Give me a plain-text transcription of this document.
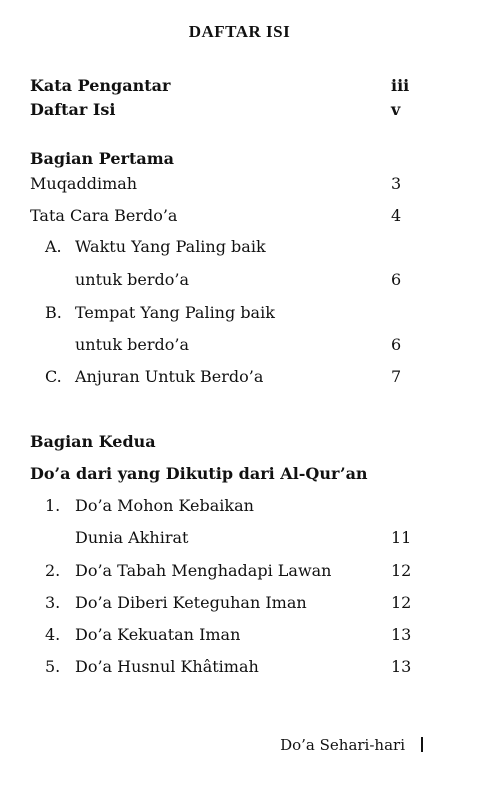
DAFTAR ISI
Kata Pengantar	iii
Daftar Isi	v
Bagian Pertama
Muqaddimah	3
Tata Cara Berdo’a	4
A. Waktu Yang Paling baik
untuk berdo’a	6
B. Tempat Yang Paling baik
untuk berdo’a	6
C. Anjuran Untuk Berdo’a	7
Bagian Kedua
Do’a dari yang Dikutip dari Al-Qur’an
1. Do’a Mohon Kebaikan
Dunia Akhirat	11
2. Do’a Tabah Menghadapi Lawan	12
3. Do’a Diberi Keteguhan Iman	12
4. Do’a Kekuatan Iman	13
5. Do’a Husnul Khâtimah	13
Do’a Sehari-hari
